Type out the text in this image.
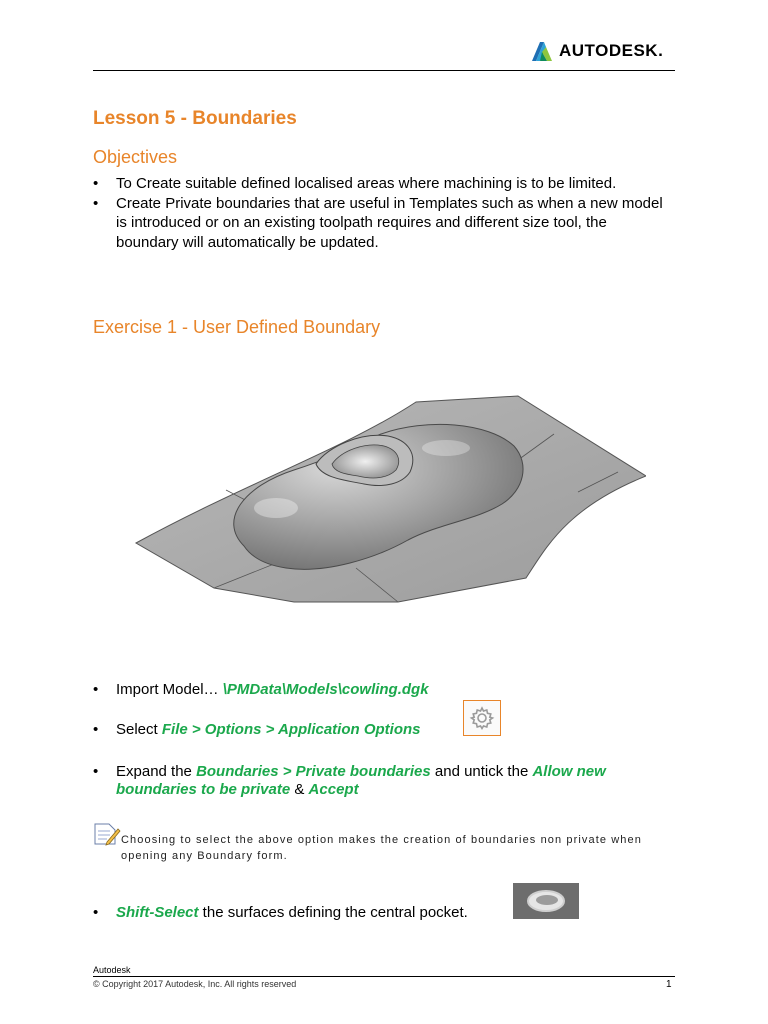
AUTODESK.
Lesson 5 - Boundaries
Objectives
• To Create suitable defined localised areas where machining is to be limited.
• Create Private boundaries that are useful in Templates such as when a new model is introduced or on an existing toolpath requires and different size tool, the boundary will automatically be updated.
Exercise 1 - User Defined Boundary
• Import Model… \PMData\Models\cowling.dgk
• Select File > Options > Application Options
• Expand the Boundaries > Private boundaries and untick the Allow new boundaries to be private & Accept
Choosing to select the above option makes the creation of boundaries non private when opening any Boundary form.
• Shift-Select the surfaces defining the central pocket.
Autodesk
© Copyright 2017 Autodesk, Inc. All rights reserved	1
